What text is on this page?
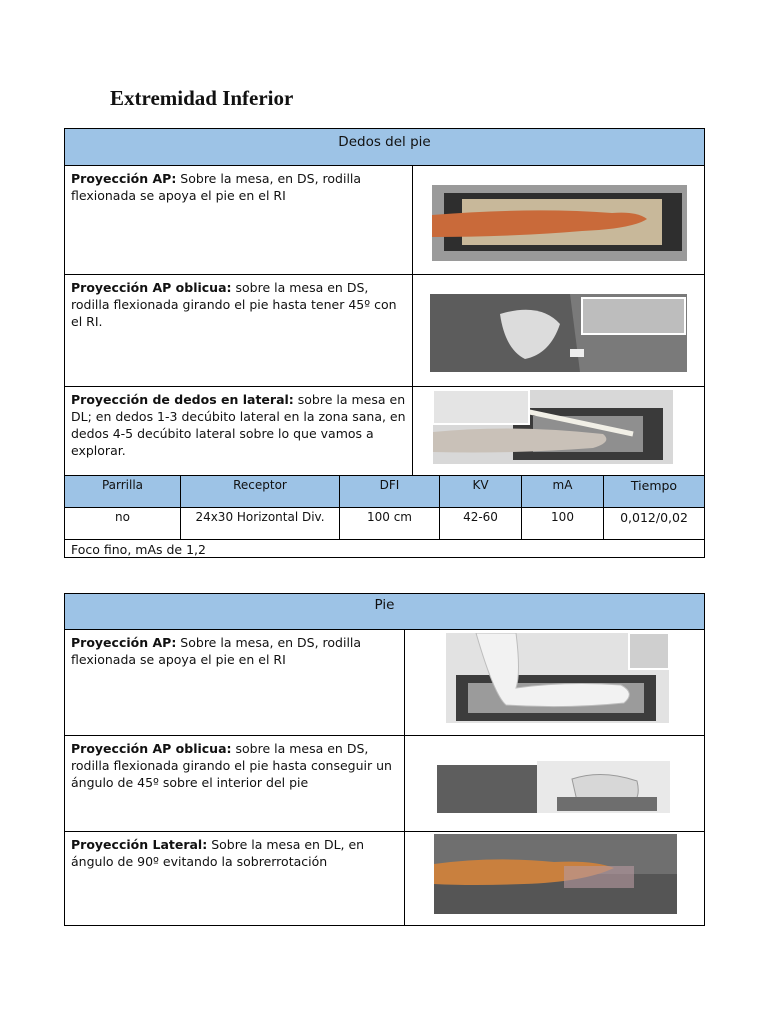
Extremidad Inferior
Dedos del pie
Proyección AP: Sobre la mesa, en DS, rodilla flexionada se apoya el pie en el RI
Proyección AP oblicua: sobre la mesa en DS, rodilla flexionada girando el pie hasta tener 45º con el RI.
Proyección de dedos en lateral: sobre la mesa en DL; en dedos 1-3 decúbito lateral en la zona sana, en dedos 4-5 decúbito lateral sobre lo que vamos a explorar.
Parrilla	Receptor	DFI	KV	mA	Tiempo
no	24x30 Horizontal Div.	100 cm	42-60	100	0,012/0,02
Foco fino, mAs de 1,2
Pie
Proyección AP: Sobre la mesa, en DS, rodilla flexionada se apoya el pie en el RI
Proyección AP oblicua: sobre la mesa en DS, rodilla flexionada girando el pie hasta conseguir un ángulo de 45º sobre el interior del pie
Proyección Lateral: Sobre la mesa en DL, en ángulo de 90º evitando la sobrerrotación
